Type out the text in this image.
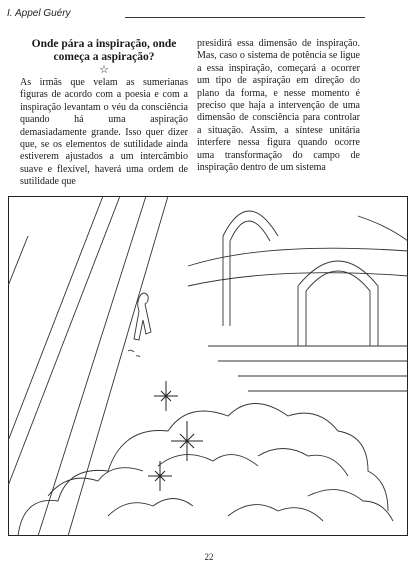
I. Appel Guéry
Onde pára a inspiração, onde começa a aspiração?
☆

As irmãs que velam as sumerianas figuras de acordo com a poesia e com a inspiração levantam o véu da consciência quando há uma aspiração demasiadamente grande. Isso quer dizer que, se os elementos de sutilidade ainda estiverem ajustados a um intercâmbio suave e flexível, haverá uma ordem de sutilidade que

presidirá essa dimensão de inspiração. Mas, caso o sistema de potência se ligue a essa inspiração, começará a ocorrer um tipo de aspiração em direção do plano da forma, e nesse momento é preciso que haja a intervenção de uma dimensão de consciência para controlar a situação. Assim, a síntese unitária interfere nessa figura quando ocorre uma transformação do campo de inspiração dentro de um sistema

22
